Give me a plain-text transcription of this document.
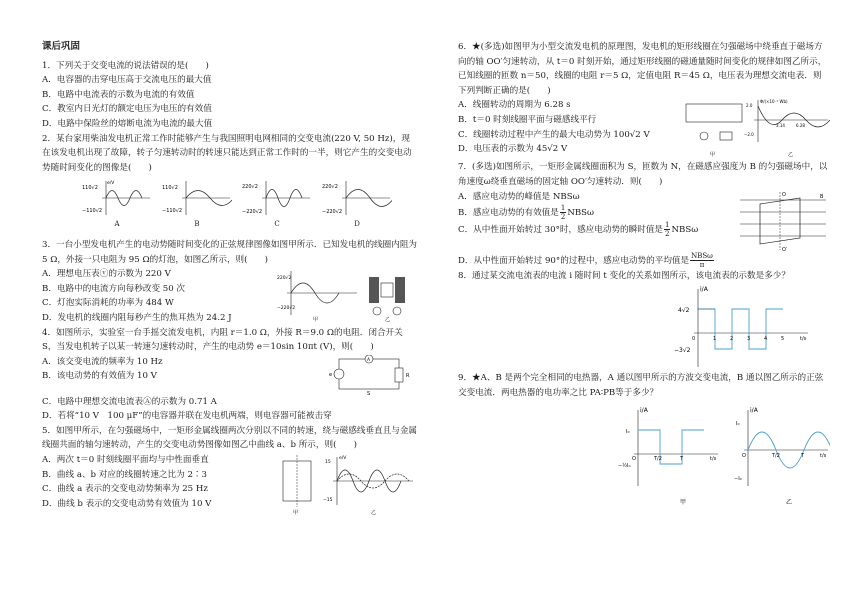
课后巩固

1．下列关于交变电流的说法错误的是(　　)

A．电容器的击穿电压高于交流电压的最大值

B．电路中电流表的示数为电流的有效值

C．教室内日光灯的额定电压为电压的有效值

D．电路中保险丝的熔断电流为电流的最大值

2．某台家用柴油发电机正常工作时能够产生与我国照明电网相同的交变电流(220 V, 50 Hz)，现在该发电机出现了故障，转子匀速转动时的转速只能达到正常工作时的一半，则它产生的交变电动势随时间变化的图像是(　　)

110√2
−110√2
e/V
A
110√2
−110√2
B
220√2
−220√2
C
220√2
−220√2
D

3．一台小型发电机产生的电动势随时间变化的正弦规律图像如图甲所示．已知发电机的线圈内阻为 5 Ω，外接一只电阻为 95 Ω的灯泡，如图乙所示，则(　　)

A．理想电压表ⓥ的示数为 220 V

B．电路中的电流方向每秒改变 50 次

C．灯泡实际消耗的功率为 484 W

D．发电机的线圈内阻每秒产生的焦耳热为 24.2 J

220√2
−220√2
甲	乙

4．如图所示，实验室一台手摇交流发电机，内阻 r＝1.0 Ω，外接 R＝9.0 Ω的电阻．闭合开关 S，当发电机转子以某一转速匀速转动时，产生的电动势 e＝10sin 10πt (V)，则(　　)

A．该交变电流的频率为 10 Hz

B．该电动势的有效值为 10 V	e
A
R
S

C．电路中理想交流电流表Ⓐ的示数为 0.71 A

D．若将“10 V　100 μF”的电容器并联在发电机两端，则电容器可能被击穿

5．如图甲所示，在匀强磁场中，一矩形金属线圈两次分别以不同的转速，绕与磁感线垂直且与金属线圈共面的轴匀速转动，产生的交变电动势图像如图乙中曲线 a、b 所示，则(　　)

A．两次 t＝0 时刻线圈平面均与中性面垂直

B．曲线 a、b 对应的线圈转速之比为 2∶3

C．曲线 a 表示的交变电动势频率为 25 Hz

D．曲线 b 表示的交变电动势有效值为 10 V

甲
15
−15
e/V
乙

6．★(多选)如图甲为小型交流发电机的原理图，发电机的矩形线圈在匀强磁场中绕垂直于磁场方向的轴 OO′匀速转动，从 t＝0 时刻开始，通过矩形线圈的磁通量随时间变化的规律如图乙所示，已知线圈的匝数 n＝50，线圈的电阻 r＝5 Ω，定值电阻 R＝45 Ω，电压表为理想交流电表．则下列判断正确的是(　　)

A．线圈转动的周期为 6.28 s

B．t＝0 时刻线圈平面与磁感线平行

C．线圈转动过程中产生的最大电动势为 100√2 V

D．电压表的示数为 45√2 V

甲
2.0
−2.0
Φ/(×10⁻² Wb)
3.14	6.28
乙

7．(多选)如图所示，一矩形金属线圈面积为 S，匝数为 N，在磁感应强度为 B 的匀强磁场中，以角速度ω绕垂直磁场的固定轴 OO′匀速转动．则(　　)

A．感应电动势的峰值是 NBSω

B．感应电动势的有效值是 $\frac{1}{2}$ NBSω

C．从中性面开始转过 30°时，感应电动势的瞬时值是 $\frac{1}{2}$ NBSω

B
O
O′

D．从中性面开始转过 90°的过程中，感应电动势的平均值是 $\frac{\text{NBSω}}{\pi}$

8．通过某交流电流表的电流 i 随时间 t 变化的关系如图所示，该电流表的示数是多少？

i/A
4√2
−3√2
0	1	2	3	4	5	t/s

9．★A、B 是两个完全相同的电热器，A 通以图甲所示的方波交变电流，B 通以图乙所示的正弦交变电流．两电热器的电功率之比 PA∶PB等于多少？

i/A
I₀
−½I₀
O	T/2	T	t/s
甲
i/A
I₀
−I₀
O	T/2	T	t/s
乙
